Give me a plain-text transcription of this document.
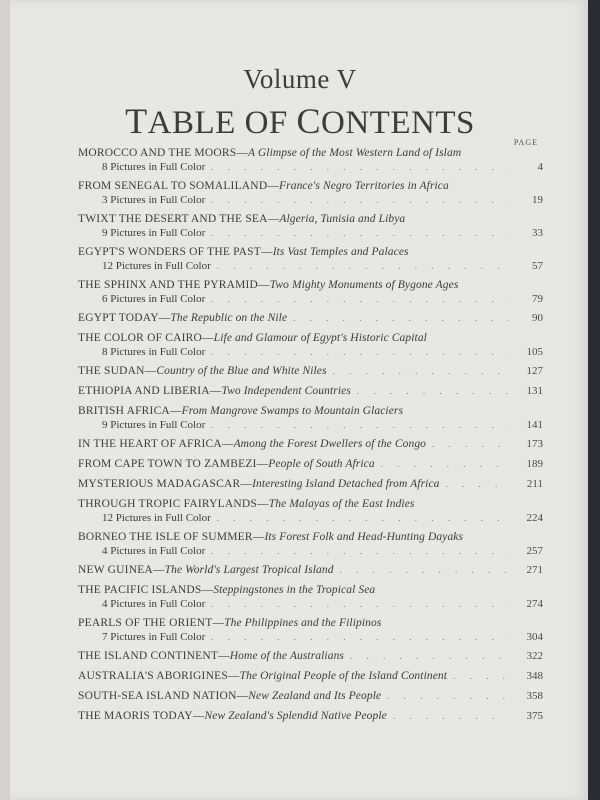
Volume V
TABLE OF CONTENTS
PAGE
MOROCCO AND THE MOORS — A Glimpse of the Most Western Land of Islam
8 Pictures in Full Color . . .	4
FROM SENEGAL TO SOMALILAND — France's Negro Territories in Africa
3 Pictures in Full Color . . .	19
TWIXT THE DESERT AND THE SEA — Algeria, Tunisia and Libya
9 Pictures in Full Color . . .	33
EGYPT'S WONDERS OF THE PAST — Its Vast Temples and Palaces
12 Pictures in Full Color . . .	57
THE SPHINX AND THE PYRAMID — Two Mighty Monuments of Bygone Ages
6 Pictures in Full Color . . .	79
EGYPT TODAY — The Republic on the Nile . . .	90
THE COLOR OF CAIRO — Life and Glamour of Egypt's Historic Capital
8 Pictures in Full Color . . .	105
THE SUDAN — Country of the Blue and White Niles . . .	127
ETHIOPIA AND LIBERIA — Two Independent Countries . . .	131
BRITISH AFRICA — From Mangrove Swamps to Mountain Glaciers
9 Pictures in Full Color . . .	141
IN THE HEART OF AFRICA — Among the Forest Dwellers of the Congo . . .	173
FROM CAPE TOWN TO ZAMBEZI — People of South Africa . . .	189
MYSTERIOUS MADAGASCAR — Interesting Island Detached from Africa . . .	211
THROUGH TROPIC FAIRYLANDS — The Malayas of the East Indies
12 Pictures in Full Color . . .	224
BORNEO THE ISLE OF SUMMER — Its Forest Folk and Head-Hunting Dayaks
4 Pictures in Full Color . . .	257
NEW GUINEA — The World's Largest Tropical Island . . .	271
THE PACIFIC ISLANDS — Steppingstones in the Tropical Sea
4 Pictures in Full Color . . .	274
PEARLS OF THE ORIENT — The Philippines and the Filipinos
7 Pictures in Full Color . . .	304
THE ISLAND CONTINENT — Home of the Australians . . .	322
AUSTRALIA'S ABORIGINES — The Original People of the Island Continent . . .	348
SOUTH-SEA ISLAND NATION — New Zealand and Its People . . .	358
THE MAORIS TODAY — New Zealand's Splendid Native People . . .	375
